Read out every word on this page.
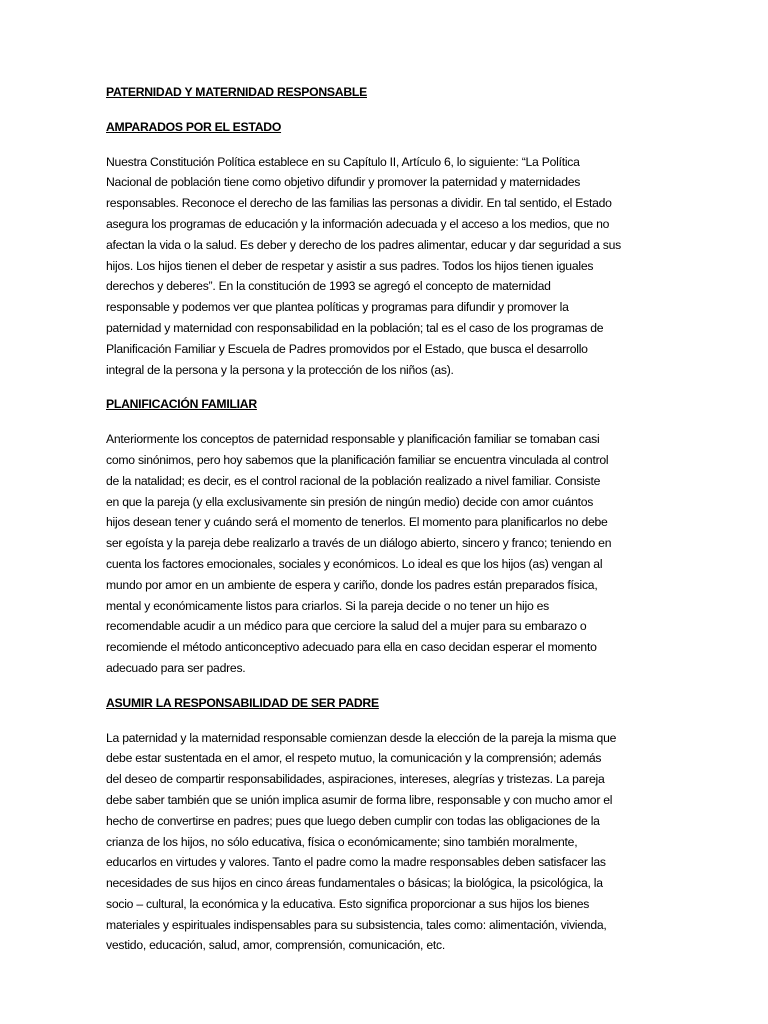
PATERNIDAD Y MATERNIDAD RESPONSABLE

AMPARADOS POR EL ESTADO

Nuestra Constitución Política establece en su Capítulo II, Artículo 6, lo siguiente: “La Política
Nacional de población tiene como objetivo difundir y promover la paternidad y maternidades
responsables. Reconoce el derecho de las familias las personas a dividir. En tal sentido, el Estado
asegura los programas de educación y la información adecuada y el acceso a los medios, que no
afectan la vida o la salud. Es deber y derecho de los padres alimentar, educar y dar seguridad a sus
hijos. Los hijos tienen el deber de respetar y asistir a sus padres. Todos los hijos tienen iguales
derechos y deberes”. En la constitución de 1993 se agregó el concepto de maternidad
responsable y podemos ver que plantea políticas y programas para difundir y promover la
paternidad y maternidad con responsabilidad en la población; tal es el caso de los programas de
Planificación Familiar y Escuela de Padres promovidos por el Estado, que busca el desarrollo
integral de la persona y la persona y la protección de los niños (as).

PLANIFICACIÓN FAMILIAR

Anteriormente los conceptos de paternidad responsable y planificación familiar se tomaban casi
como sinónimos, pero hoy sabemos que la planificación familiar se encuentra vinculada al control
de la natalidad; es decir, es el control racional de la población realizado a nivel familiar. Consiste
en que la pareja (y ella exclusivamente sin presión de ningún medio) decide con amor cuántos
hijos desean tener y cuándo será el momento de tenerlos. El momento para planificarlos no debe
ser egoísta y la pareja debe realizarlo a través de un diálogo abierto, sincero y franco; teniendo en
cuenta los factores emocionales, sociales y económicos. Lo ideal es que los hijos (as) vengan al
mundo por amor en un ambiente de espera y cariño, donde los padres están preparados física,
mental y económicamente listos para criarlos. Si la pareja decide o no tener un hijo es
recomendable acudir a un médico para que cerciore la salud del a mujer para su embarazo o
recomiende el método anticonceptivo adecuado para ella en caso decidan esperar el momento
adecuado para ser padres.

ASUMIR LA RESPONSABILIDAD DE SER PADRE

La paternidad y la maternidad responsable comienzan desde la elección de la pareja la misma que
debe estar sustentada en el amor, el respeto mutuo, la comunicación y la comprensión; además
del deseo de compartir responsabilidades, aspiraciones, intereses, alegrías y tristezas. La pareja
debe saber también que se unión implica asumir de forma libre, responsable y con mucho amor el
hecho de convertirse en padres; pues que luego deben cumplir con todas las obligaciones de la
crianza de los hijos, no sólo educativa, física o económicamente; sino también moralmente,
educarlos en virtudes y valores. Tanto el padre como la madre responsables deben satisfacer las
necesidades de sus hijos en cinco áreas fundamentales o básicas; la biológica, la psicológica, la
socio – cultural, la económica y la educativa. Esto significa proporcionar a sus hijos los bienes
materiales y espirituales indispensables para su subsistencia, tales como: alimentación, vivienda,
vestido, educación, salud, amor, comprensión, comunicación, etc.
